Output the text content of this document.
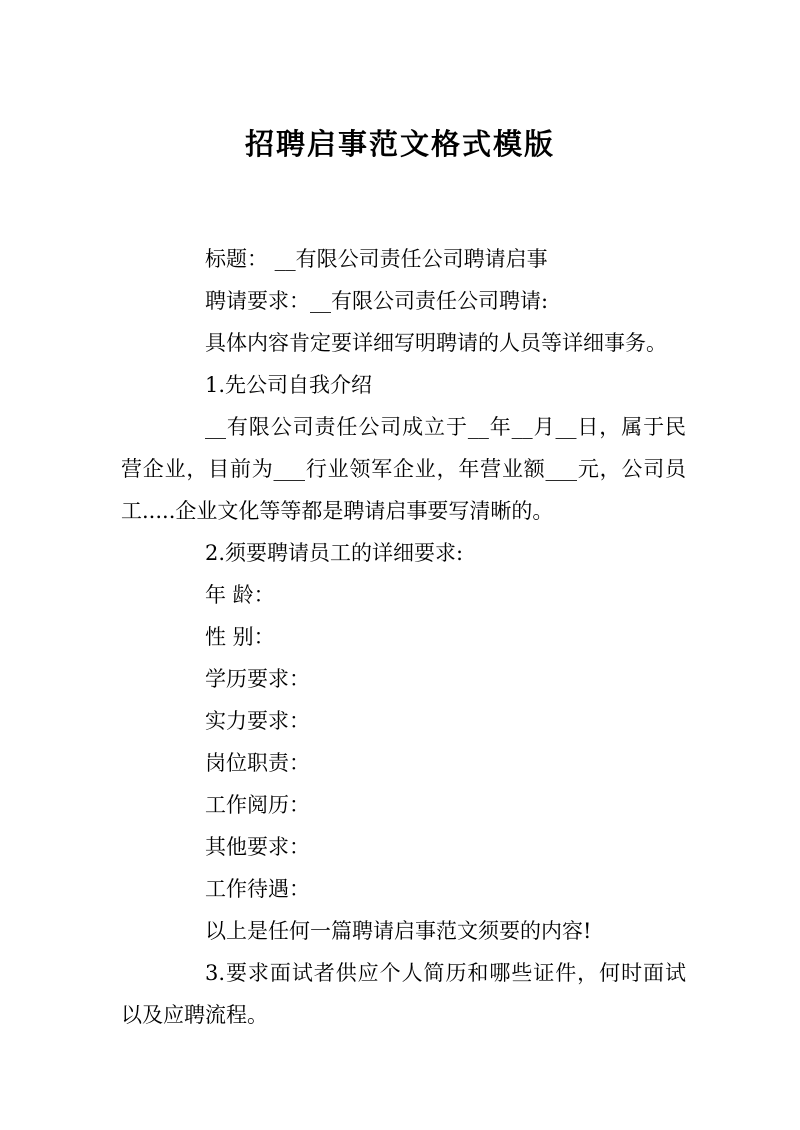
招聘启事范文格式模版

标题： __有限公司责任公司聘请启事

聘请要求：__有限公司责任公司聘请:

具体内容肯定要详细写明聘请的人员等详细事务。

1.先公司自我介绍

__有限公司责任公司成立于__年__月__日，属于民营企业，目前为___行业领军企业，年营业额___元，公司员工.....企业文化等等都是聘请启事要写清晰的。

2.须要聘请员工的详细要求:

年 龄：

性 别：

学历要求：

实力要求：

岗位职责：

工作阅历：

其他要求：

工作待遇：

以上是任何一篇聘请启事范文须要的内容!

3.要求面试者供应个人简历和哪些证件，何时面试以及应聘流程。
